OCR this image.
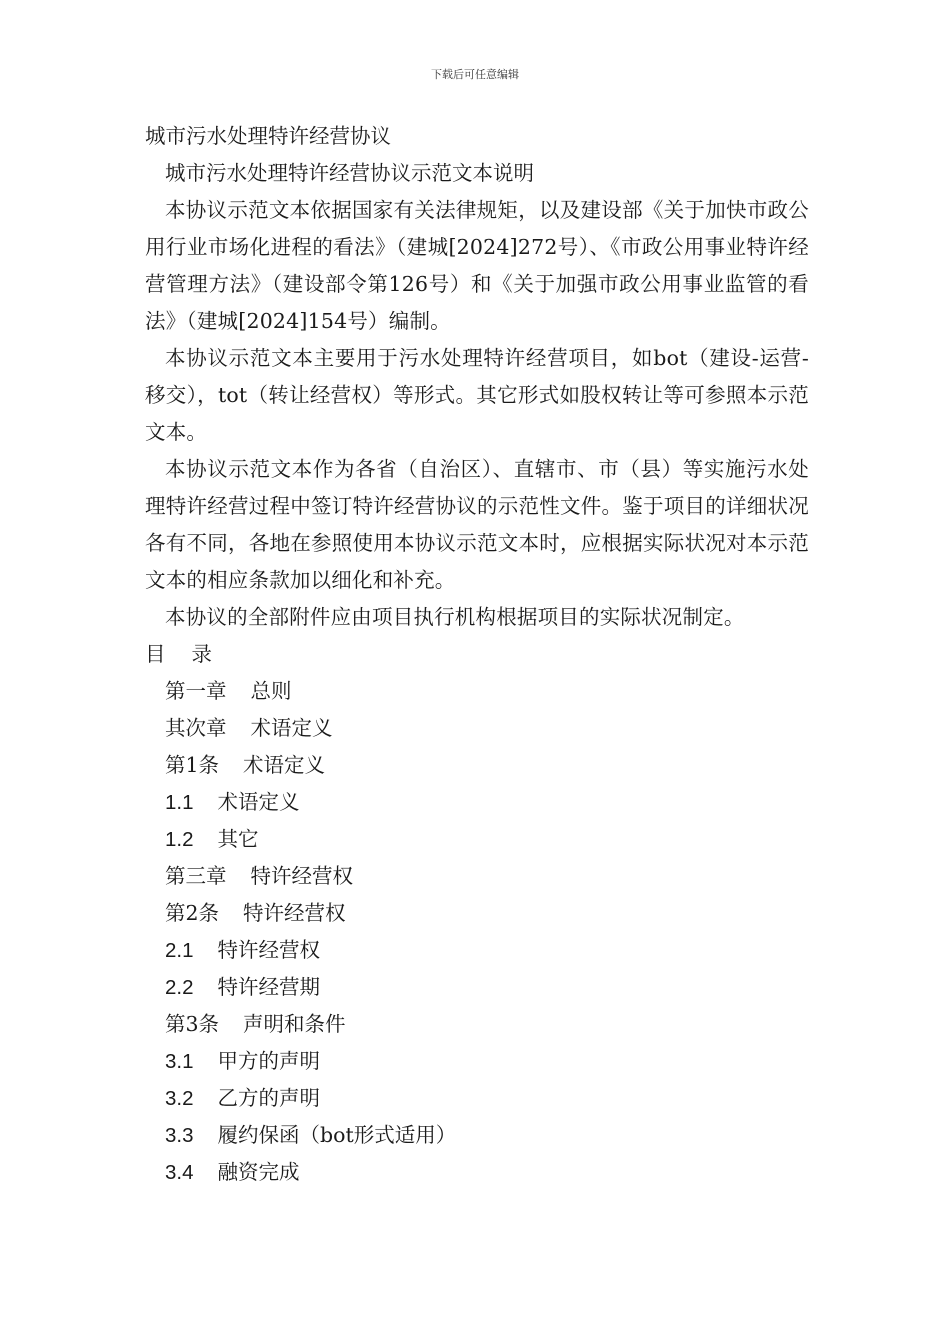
下载后可任意编辑

城市污水处理特许经营协议

城市污水处理特许经营协议示范文本说明

本协议示范文本依据国家有关法律规矩，以及建设部《关于加快市政公用行业市场化进程的看法》（建城[2024]272号）、《市政公用事业特许经营管理方法》（建设部令第126号）和《关于加强市政公用事业监管的看法》（建城[2024]154号）编制。

本协议示范文本主要用于污水处理特许经营项目，如bot（建设-运营-移交），tot（转让经营权）等形式。其它形式如股权转让等可参照本示范文本。

本协议示范文本作为各省（自治区）、直辖市、市（县）等实施污水处理特许经营过程中签订特许经营协议的示范性文件。鉴于项目的详细状况各有不同，各地在参照使用本协议示范文本时，应根据实际状况对本示范文本的相应条款加以细化和补充。

本协议的全部附件应由项目执行机构根据项目的实际状况制定。

目录

第一章 总则

其次章 术语定义

第1条 术语定义

1.1 术语定义

1.2 其它

第三章 特许经营权

第2条 特许经营权

2.1 特许经营权

2.2 特许经营期

第3条 声明和条件

3.1 甲方的声明

3.2 乙方的声明

3.3 履约保函（bot形式适用）

3.4 融资完成
